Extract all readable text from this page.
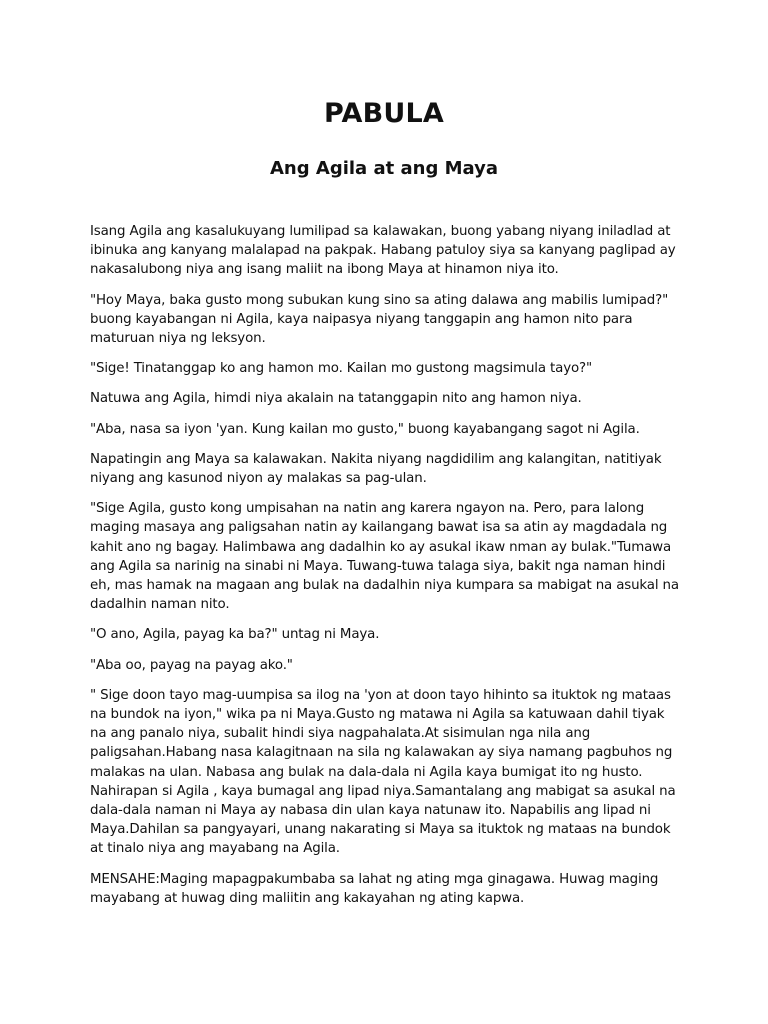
PABULA
Ang Agila at ang Maya

Isang Agila ang kasalukuyang lumilipad sa kalawakan, buong yabang niyang iniladlad at ibinuka ang kanyang malalapad na pakpak. Habang patuloy siya sa kanyang paglipad ay nakasalubong niya ang isang maliit na ibong Maya at hinamon niya ito.

"Hoy Maya, baka gusto mong subukan kung sino sa ating dalawa ang mabilis lumipad?" buong kayabangan ni Agila, kaya naipasya niyang tanggapin ang hamon nito para maturuan niya ng leksyon.

"Sige! Tinatanggap ko ang hamon mo. Kailan mo gustong magsimula tayo?"

Natuwa ang Agila, himdi niya akalain na tatanggapin nito ang hamon niya.

"Aba, nasa sa iyon 'yan. Kung kailan mo gusto," buong kayabangang sagot ni Agila.

Napatingin ang Maya sa kalawakan. Nakita niyang nagdidilim ang kalangitan, natitiyak niyang ang kasunod niyon ay malakas sa pag-ulan.

"Sige Agila, gusto kong umpisahan na natin ang karera ngayon na. Pero, para lalong maging masaya ang paligsahan natin ay kailangang bawat isa sa atin ay magdadala ng kahit ano ng bagay. Halimbawa ang dadalhin ko ay asukal ikaw nman ay bulak."Tumawa ang Agila sa narinig na sinabi ni Maya. Tuwang-tuwa talaga siya, bakit nga naman hindi eh, mas hamak na magaan ang bulak na dadalhin niya kumpara sa mabigat na asukal na dadalhin naman nito.

"O ano, Agila, payag ka ba?" untag ni Maya.

"Aba oo, payag na payag ako."

" Sige doon tayo mag-uumpisa sa ilog na 'yon at doon tayo hihinto sa ituktok ng mataas na bundok na iyon," wika pa ni Maya.Gusto ng matawa ni Agila sa katuwaan dahil tiyak na ang panalo niya, subalit hindi siya nagpahalata.At sisimulan nga nila ang paligsahan.Habang nasa kalagitnaan na sila ng kalawakan ay siya namang pagbuhos ng malakas na ulan. Nabasa ang bulak na dala-dala ni Agila kaya bumigat ito ng husto. Nahirapan si Agila , kaya bumagal ang lipad niya.Samantalang ang mabigat sa asukal na dala-dala naman ni Maya ay nabasa din ulan kaya natunaw ito. Napabilis ang lipad ni Maya.Dahilan sa pangyayari, unang nakarating si Maya sa ituktok ng mataas na bundok at tinalo niya ang mayabang na Agila.

MENSAHE:Maging mapagpakumbaba sa lahat ng ating mga ginagawa. Huwag maging mayabang at huwag ding maliitin ang kakayahan ng ating kapwa.
